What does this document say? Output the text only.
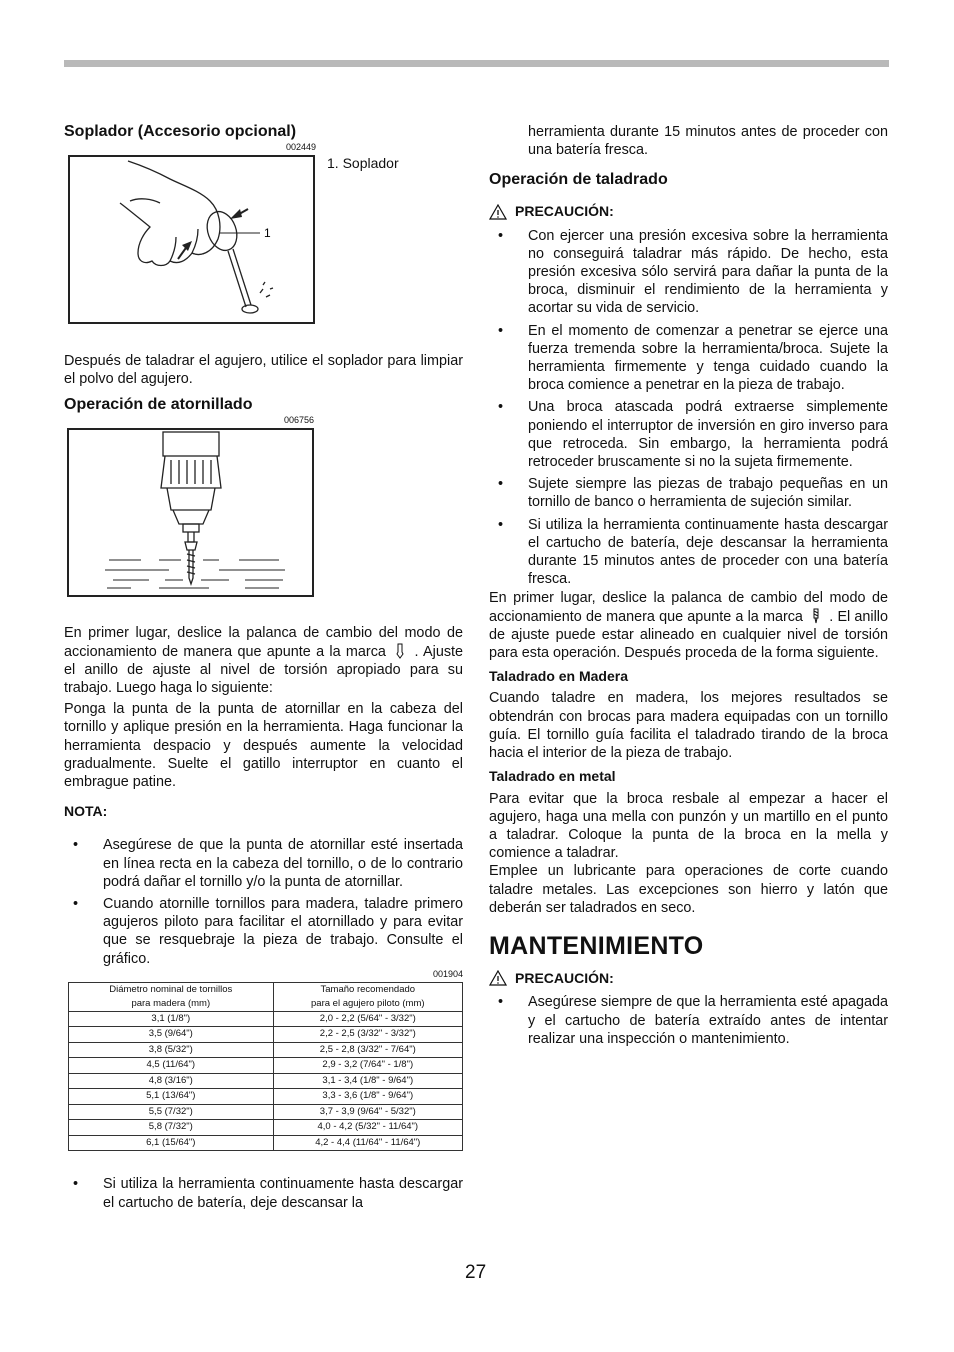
Soplador (Accesorio opcional)
002449
1
1. Soplador

Después de taladrar el agujero, utilice el soplador para limpiar el polvo del agujero.

Operación de atornillado
006756

En primer lugar, deslice la palanca de cambio del modo de accionamiento de manera que apunte a la marca . Ajuste el anillo de ajuste al nivel de torsión apropiado para su trabajo. Luego haga lo siguiente:

Ponga la punta de la punta de atornillar en la cabeza del tornillo y aplique presión en la herramienta. Haga funcionar la herramienta despacio y después aumente la velocidad gradualmente. Suelte el gatillo interruptor en cuanto el embrague patine.

NOTA:
• Asegúrese de que la punta de atornillar esté insertada en línea recta en la cabeza del tornillo, o de lo contrario podrá dañar el tornillo y/o la punta de atornillar.
• Cuando atornille tornillos para madera, taladre primero agujeros piloto para facilitar el atornillado y para evitar que se resquebraje la pieza de trabajo. Consulte el gráfico.
001904
Diámetro nominal de tornillos
para madera (mm)	Tamaño recomendado
para el agujero piloto (mm)
3,1 (1/8")	2,0 - 2,2 (5/64" - 3/32")
3,5 (9/64")	2,2 - 2,5 (3/32" - 3/32")
3,8 (5/32")	2,5 - 2,8 (3/32" - 7/64")
4,5 (11/64")	2,9 - 3,2 (7/64" - 1/8")
4,8 (3/16")	3,1 - 3,4 (1/8" - 9/64")
5,1 (13/64")	3,3 - 3,6 (1/8" - 9/64")
5,5 (7/32")	3,7 - 3,9 (9/64" - 5/32")
5,8 (7/32")	4,0 - 4,2 (5/32" - 11/64")
6,1 (15/64")	4,2 - 4,4 (11/64" - 11/64")
• Si utiliza la herramienta continuamente hasta descargar el cartucho de batería, deje descansar la

herramienta durante 15 minutos antes de proceder con una batería fresca.

Operación de taladrado
PRECAUCIÓN:
• Con ejercer una presión excesiva sobre la herramienta no conseguirá taladrar más rápido. De hecho, esta presión excesiva sólo servirá para dañar la punta de la broca, disminuir el rendimiento de la herramienta y acortar su vida de servicio.
• En el momento de comenzar a penetrar se ejerce una fuerza tremenda sobre la herramienta/broca. Sujete la herramienta firmemente y tenga cuidado cuando la broca comience a penetrar en la pieza de trabajo.
• Una broca atascada podrá extraerse simplemente poniendo el interruptor de inversión en giro inverso para que retroceda. Sin embargo, la herramienta podrá retroceder bruscamente si no la sujeta firmemente.
• Sujete siempre las piezas de trabajo pequeñas en un tornillo de banco o herramienta de sujeción similar.
• Si utiliza la herramienta continuamente hasta descargar el cartucho de batería, deje descansar la herramienta durante 15 minutos antes de proceder con una batería fresca.

En primer lugar, deslice la palanca de cambio del modo de accionamiento de manera que apunte a la marca . El anillo de ajuste puede estar alineado en cualquier nivel de torsión para esta operación. Después proceda de la forma siguiente.

Taladrado en Madera

Cuando taladre en madera, los mejores resultados se obtendrán con brocas para madera equipadas con un tornillo guía. El tornillo guía facilita el taladrado tirando de la broca hacia el interior de la pieza de trabajo.

Taladrado en metal

Para evitar que la broca resbale al empezar a hacer el agujero, haga una mella con punzón y un martillo en el punto a taladrar. Coloque la punta de la broca en la mella y comience a taladrar.

Emplee un lubricante para operaciones de corte cuando taladre metales. Las excepciones son hierro y latón que deberán ser taladrados en seco.

MANTENIMIENTO
PRECAUCIÓN:
• Asegúrese siempre de que la herramienta esté apagada y el cartucho de batería extraído antes de intentar realizar una inspección o mantenimiento.
27
